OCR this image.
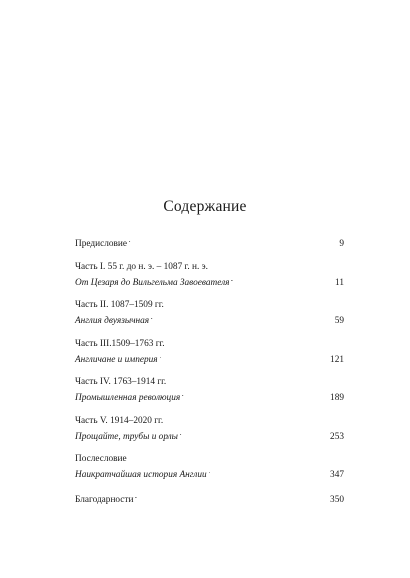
Содержание
Предисловие . . .	9
Часть I. 55 г. до н. э. – 1087 г. н. э.
От Цезаря до Вильгельма Завоевателя . . .	11
Часть II. 1087–1509 гг.
Англия двуязычная . . .	59
Часть III.1509–1763 гг.
Англичане и империя . . .	121
Часть IV. 1763–1914 гг.
Промышленная революция . . .	189
Часть V. 1914–2020 гг.
Прощайте, трубы и орлы . . .	253
Послесловие
Наикратчайшая история Англии . . .	347
Благодарности . . .	350
